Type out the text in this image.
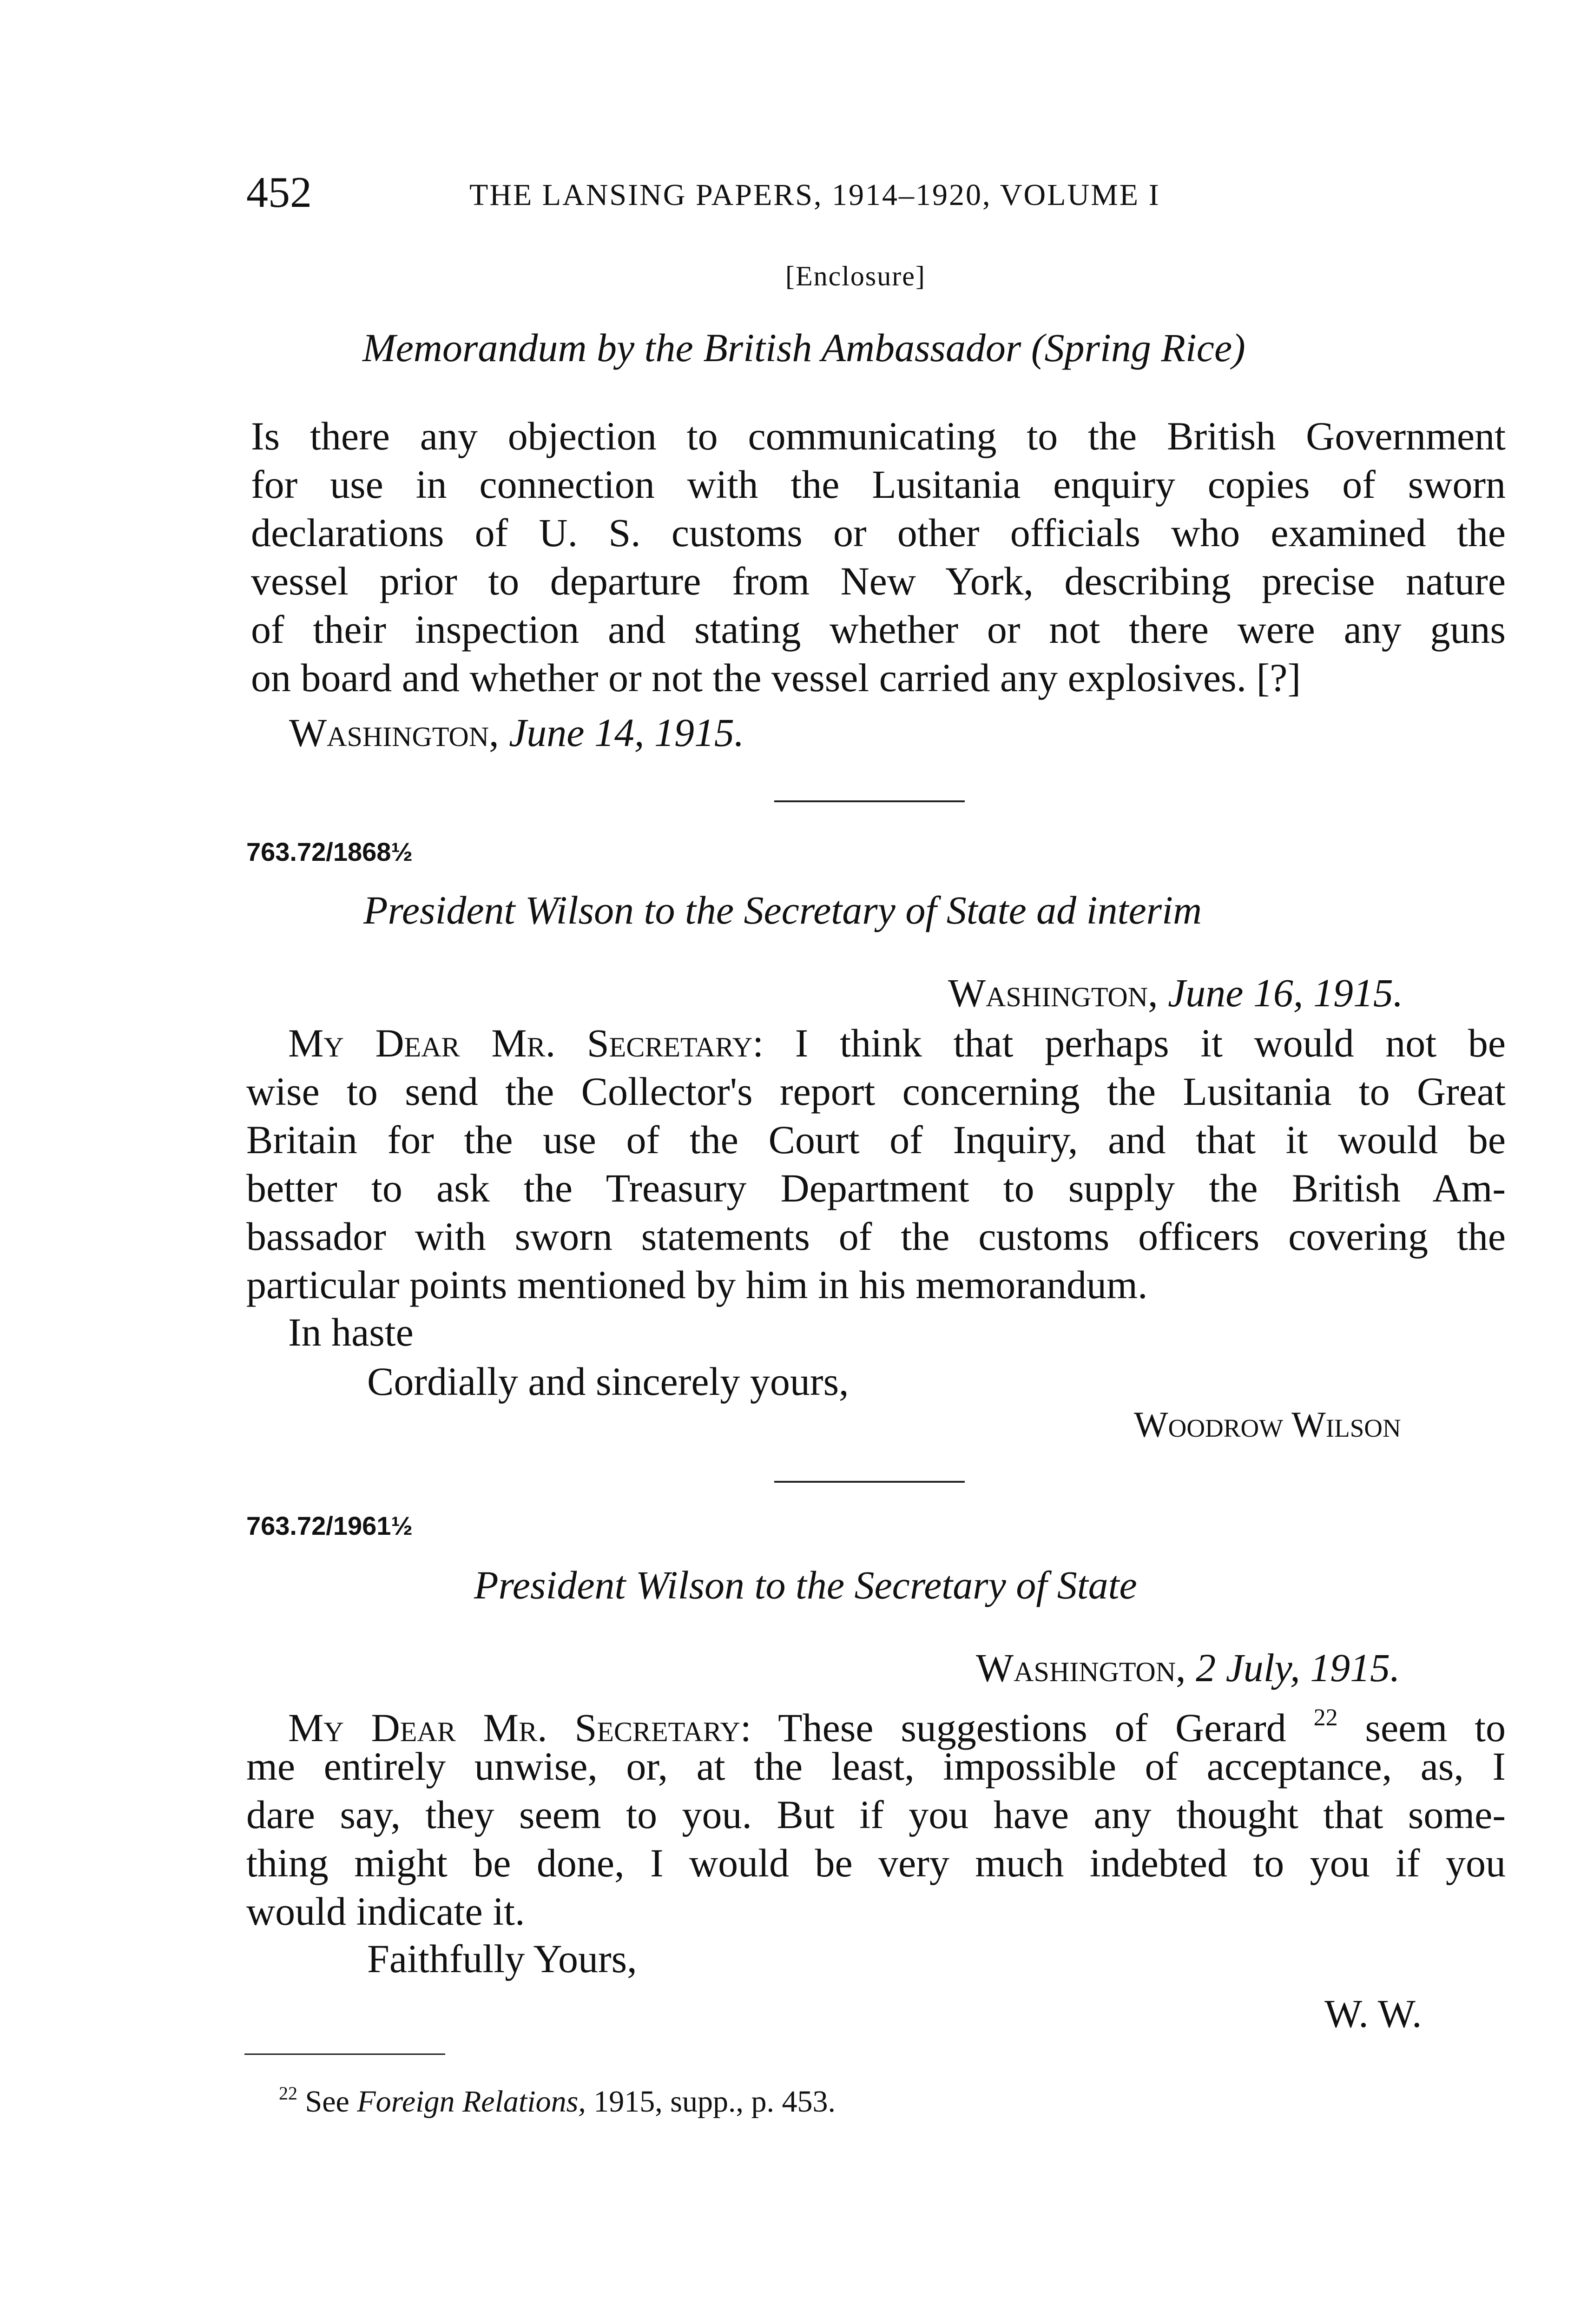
452	THE LANSING PAPERS, 1914–1920, VOLUME I
[Enclosure]
Memorandum by the British Ambassador (Spring Rice)
Is there any objection to communicating to the British Government
for use in connection with the Lusitania enquiry copies of sworn
declarations of U. S. customs or other officials who examined the
vessel prior to departure from New York, describing precise nature
of their inspection and stating whether or not there were any guns
on board and whether or not the vessel carried any explosives. [?]
Washington, June 14, 1915.
763.72/1868½
President Wilson to the Secretary of State ad interim
Washington, June 16, 1915.
My Dear Mr. Secretary: I think that perhaps it would not be
wise to send the Collector's report concerning the Lusitania to Great
Britain for the use of the Court of Inquiry, and that it would be
better to ask the Treasury Department to supply the British Am-
bassador with sworn statements of the customs officers covering the
particular points mentioned by him in his memorandum.
In haste
Cordially and sincerely yours,
Woodrow Wilson
763.72/1961½
President Wilson to the Secretary of State
Washington, 2 July, 1915.
My Dear Mr. Secretary: These suggestions of Gerard $^{22}$ seem to
me entirely unwise, or, at the least, impossible of acceptance, as, I
dare say, they seem to you. But if you have any thought that some-
thing might be done, I would be very much indebted to you if you
would indicate it.
Faithfully Yours,
W. W.
$^{22}$ See Foreign Relations, 1915, supp., p. 453.
